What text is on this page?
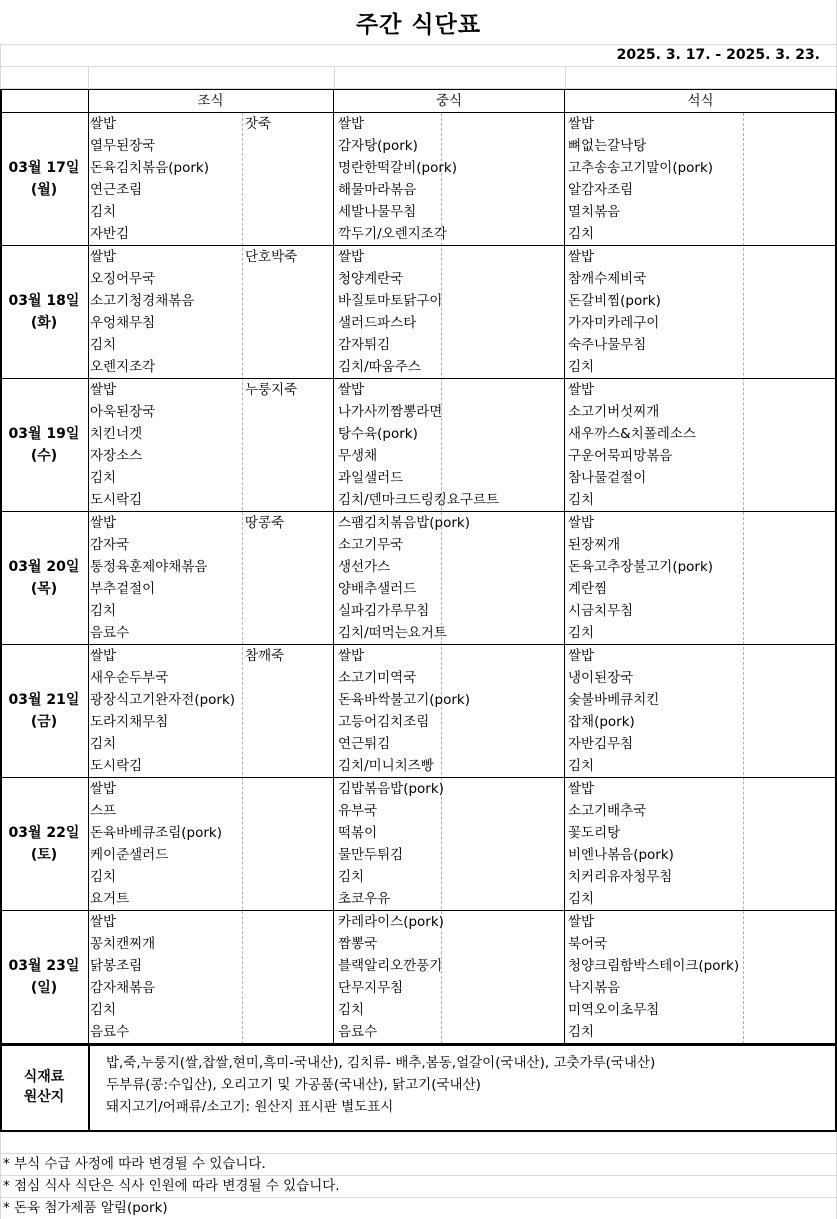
주간 식단표
2025. 3. 17. - 2025. 3. 23.
조식	중식	석식
03월 17일
(월)
쌀밥
열무된장국
돈육김치볶음(pork)
연근조림
김치
자반김
쌀밥
감자탕(pork)
명란한떡갈비(pork)
해물마라볶음
세발나물무침
깍두기/오렌지조각
쌀밥
뼈없는갈낙탕
고추송송고기말이(pork)
알감자조림
멸치볶음
김치
잣죽
03월 18일
(화)
쌀밥
오징어무국
소고기청경채볶음
우엉채무침
김치
오렌지조각
쌀밥
청양계란국
바질토마토닭구이
샐러드파스타
감자튀김
김치/따움주스
쌀밥
참깨수제비국
돈갈비찜(pork)
가자미카레구이
숙주나물무침
김치
단호박죽
03월 19일
(수)
쌀밥
아욱된장국
치킨너겟
자장소스
김치
도시락김
쌀밥
나가사끼짬뽕라면
탕수육(pork)
무생채
과일샐러드
김치/덴마크드링킹요구르트
쌀밥
소고기버섯찌개
새우까스&치폴레소스
구운어묵피망볶음
참나물겉절이
김치
누룽지죽
03월 20일
(목)
쌀밥
감자국
통정육훈제야채볶음
부추겉절이
김치
음료수
스팸김치볶음밥(pork)
소고기무국
생선가스
양배추샐러드
실파김가루무침
김치/떠먹는요거트
쌀밥
된장찌개
돈육고추장불고기(pork)
계란찜
시금치무침
김치
땅콩죽
03월 21일
(금)
쌀밥
새우순두부국
광장식고기완자전(pork)
도라지채무침
김치
도시락김
쌀밥
소고기미역국
돈육바싹불고기(pork)
고등어김치조림
연근튀김
김치/미니치즈빵
쌀밥
냉이된장국
숯불바베큐치킨
잡채(pork)
자반김무침
김치
참깨죽
03월 22일
(토)
쌀밥
스프
돈육바베큐조림(pork)
케이준샐러드
김치
요거트
김밥볶음밥(pork)
유부국
떡볶이
물만두튀김
김치
초코우유
쌀밥
소고기배추국
꽃도리탕
비엔나볶음(pork)
치커리유자청무침
김치
03월 23일
(일)
쌀밥
꽁치캔찌개
닭봉조림
감자채볶음
김치
음료수
카레라이스(pork)
짬뽕국
블랙알리오깐풍기
단무지무침
김치
음료수
쌀밥
북어국
청양크림함박스테이크(pork)
낙지볶음
미역오이초무침
김치
식재료
원산지
밥,죽,누룽지(쌀,찹쌀,현미,흑미-국내산), 김치류- 배추,봄동,얼갈이(국내산), 고춧가루(국내산)
두부류(콩:수입산), 오리고기 및 가공품(국내산), 닭고기(국내산)
돼지고기/어패류/소고기: 원산지 표시판 별도표시
* 부식 수급 사정에 따라 변경될 수 있습니다.
* 점심 식사 식단은 식사 인원에 따라 변경될 수 있습니다.
* 돈육 첨가제품 알림(pork)
